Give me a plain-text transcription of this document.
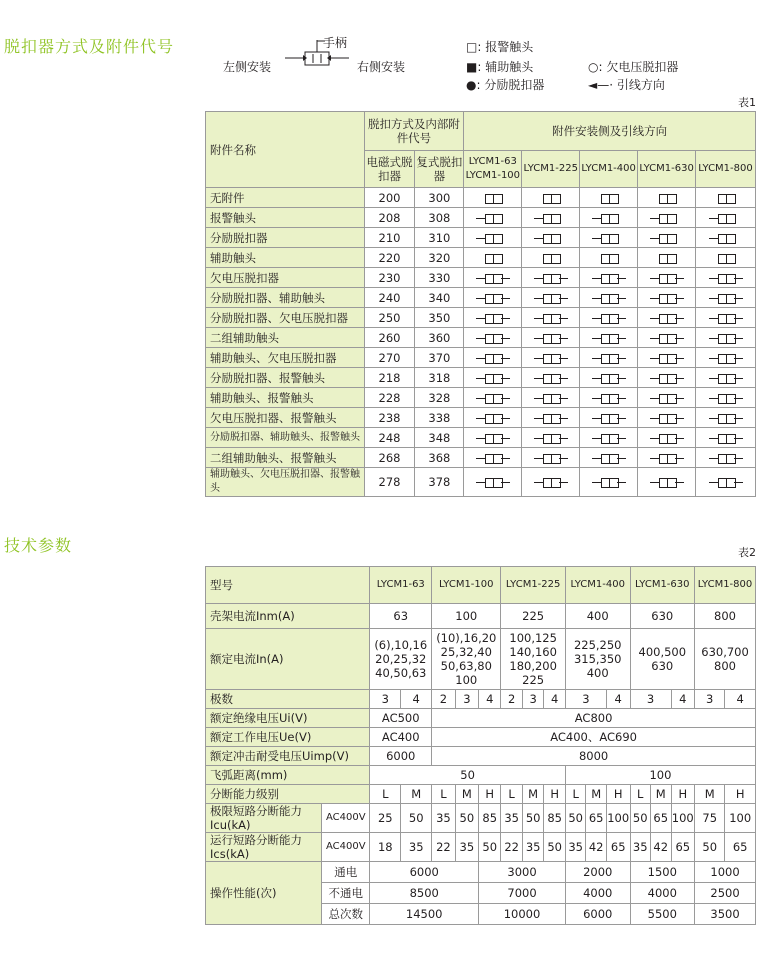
脱扣器方式及附件代号	手柄
左侧安装	右侧安装
□: 报警触头
■: 辅助触头
●: 分励脱扣器
○: 欠电压脱扣器
◄—· 引线方向
表1
附件名称	脱扣方式及内部附件代号		附件安装侧及引线方向				
	电磁式脱扣器	复式脱扣器	LYCM1-63 LYCM1-100	LYCM1-225	LYCM1-400	LYCM1-630	LYCM1-800
无附件	200	300	

报警触头	208	308	

分励脱扣器	210	310	

辅助触头	220	320	

欠电压脱扣器	230	330	

分励脱扣器、辅助触头	240	340	

分励脱扣器、欠电压脱扣器	250	350	

二组辅助触头	260	360	

辅助触头、欠电压脱扣器	270	370	

分励脱扣器、报警触头	218	318	

辅助触头、报警触头	228	328	

欠电压脱扣器、报警触头	238	338	

分励脱扣器、辅助触头、报警触头	248	348	

二组辅助触头、报警触头	268	368	

辅助触头、欠电压脱扣器、报警触头	278	378	

技术参数	表2
型号		LYCM1-63		LYCM1-100			LYCM1-225			LYCM1-400			LYCM1-630			LYCM1-800	
壳架电流Inm(A)		63		100			225			400			630			800	
额定电流In(A)		(6),10,16 20,25,32 40,50,63		(10),16,20 25,32,40 50,63,80 100			100,125 140,160 180,200 225			225,250 315,350 400			400,500 630			630,700 800	
极数		3	4	2	3	4	2	3	4	3		4	3		4	3	4
额定绝缘电压Ui(V)		AC500		AC800													
额定工作电压Ue(V)		AC400		AC400、AC690													
额定冲击耐受电压Uimp(V)		6000		8000													
飞弧距离(mm)		50								100							
分断能力级别		L	M	L	M	H	L	M	H	L	M	H	L	M	H	M	H
极限短路分断能力Icu(kA)	AC400V	25	50	35	50	85	35	50	85	50	65	100	50	65	100	75	100
运行短路分断能力Ics(kA)	AC400V	18	35	22	35	50	22	35	50	35	42	65	35	42	65	50	65
操作性能(次)	通电	6000				3000				2000			1500			1000	
	不通电	8500				7000				4000			4000			2500	
	总次数	14500				10000				6000			5500			3500	
